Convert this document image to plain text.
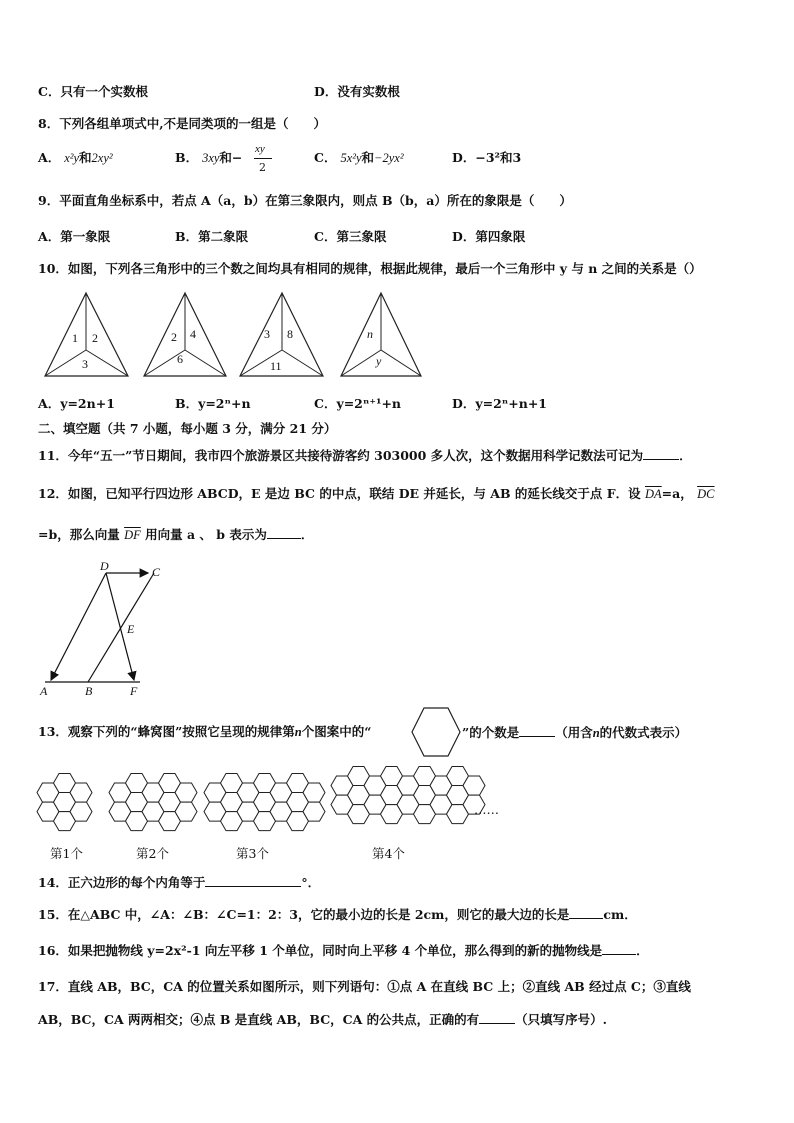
C．只有一个实数根	D．没有实数根
8．下列各组单项式中,不是同类项的一组是（　　）
A． x²y和2xy²	B． 3xy和−
xy
2
C． 5x²y和−2yx²	D．−3²和3
9．平面直角坐标系中，若点 A（a，b）在第三象限内，则点 B（b，a）所在的象限是（　　）
A．第一象限	B．第二象限	C．第三象限	D．第四象限
10．如图，下列各三角形中的三个数之间均具有相同的规律，根据此规律，最后一个三角形中 y 与 n 之间的关系是（）
1 2
3
2 4
6
3 8
11
n
y
A．y=2n+1	B．y=2ⁿ+n	C．y=2ⁿ⁺¹+n	D．y=2ⁿ+n+1
二、填空题（共 7 小题，每小题 3 分，满分 21 分）
11．今年“五一”节日期间，我市四个旅游景区共接待游客约 303000 多人次，这个数据用科学记数法可记为	．
12．如图，已知平行四边形 ABCD，E 是边 BC 的中点，联结 DE 并延长，与 AB 的延长线交于点 F．设 $\overline{DA}=a$， $\overline{DC}$
=b，那么向量 $\overline{DF}$ 用向量 a 、 b 表示为	．
D	C
E
A	B	F
13．观察下列的“蜂窝图”按照它呈现的规律第n个图案中的“	”的个数是	（用含n的代数式表示）
第1个	第2个	第3个	第4个
……
14．正六边形的每个内角等于	°．
15．在△ABC 中，∠A：∠B：∠C=1：2：3，它的最小边的长是 2cm，则它的最大边的长是	cm．
16．如果把抛物线 y=2x²-1 向左平移 1 个单位，同时向上平移 4 个单位，那么得到的新的抛物线是	．
17．直线 AB，BC，CA 的位置关系如图所示，则下列语句：①点 A 在直线 BC 上；②直线 AB 经过点 C；③直线
AB，BC，CA 两两相交；④点 B 是直线 AB，BC，CA 的公共点，正确的有	（只填写序号）.
